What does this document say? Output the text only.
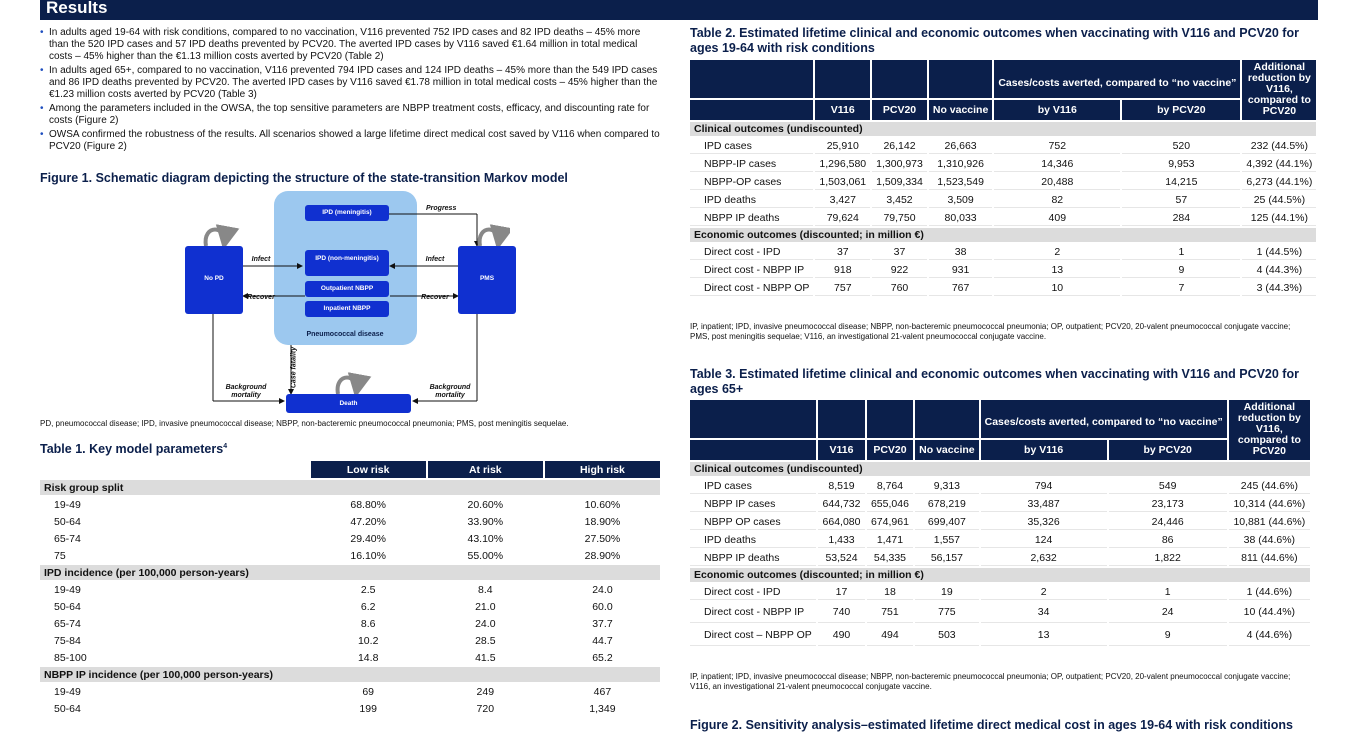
Results
• In adults aged 19-64 with risk conditions, compared to no vaccination, V116 prevented 752 IPD cases and 82 IPD deaths – 45% more than the 520 IPD cases and 57 IPD deaths prevented by PCV20. The averted IPD cases by V116 saved €1.64 million in total medical costs – 45% higher than the €1.13 million costs averted by PCV20 (Table 2)
• In adults aged 65+, compared to no vaccination, V116 prevented 794 IPD cases and 124 IPD deaths – 45% more than the 549 IPD cases and 86 IPD deaths prevented by PCV20. The averted IPD cases by V116 saved €1.78 million in total medical costs – 45% higher than the €1.23 million costs averted by PCV20 (Table 3)
• Among the parameters included in the OWSA, the top sensitive parameters are NBPP treatment costs, efficacy, and discounting rate for costs (Figure 2)
• OWSA confirmed the robustness of the results. All scenarios showed a large lifetime direct medical cost saved by V116 when compared to PCV20 (Figure 2)
Figure 1. Schematic diagram depicting the structure of the state-transition Markov model
No PD	PMS
Death
IPD (meningitis)
IPD (non-meningitis)
Outpatient NBPP
Inpatient NBPP
Pneumococcal disease
Progress
Infect	Infect
Recover	Recover
Case fatality
Background mortality
Background mortality
PD, pneumococcal disease; IPD, invasive pneumococcal disease; NBPP, non-bacteremic pneumococcal pneumonia; PMS, post meningitis sequelae.
Table 1. Key model parameters$^4$
	Low risk	At risk	High risk
Risk group split			
19-49	68.80%	20.60%	10.60%
50-64	47.20%	33.90%	18.90%
65-74	29.40%	43.10%	27.50%
75	16.10%	55.00%	28.90%
IPD incidence (per 100,000 person-years)			
19-49	2.5	8.4	24.0
50-64	6.2	21.0	60.0
65-74	8.6	24.0	37.7
75-84	10.2	28.5	44.7
85-100	14.8	41.5	65.2
NBPP IP incidence (per 100,000 person-years)			
19-49	69	249	467
50-64	199	720	1,349
Table 2. Estimated lifetime clinical and economic outcomes when vaccinating with V116 and PCV20 for ages 19-64 with risk conditions
				Cases/costs averted, compared to “no vaccine”		Additional reduction by V116, compared to PCV20
	V116	PCV20	No vaccine	by V116	by PCV20	
Clinical outcomes (undiscounted)						
IPD cases	25,910	26,142	26,663	752	520	232 (44.5%)
NBPP-IP cases	1,296,580	1,300,973	1,310,926	14,346	9,953	4,392 (44.1%)
NBPP-OP cases	1,503,061	1,509,334	1,523,549	20,488	14,215	6,273 (44.1%)
IPD deaths	3,427	3,452	3,509	82	57	25 (44.5%)
NBPP IP deaths	79,624	79,750	80,033	409	284	125 (44.1%)
Economic outcomes (discounted; in million €)						
Direct cost - IPD	37	37	38	2	1	1 (44.5%)
Direct cost - NBPP IP	918	922	931	13	9	4 (44.3%)
Direct cost - NBPP OP	757	760	767	10	7	3 (44.3%)
IP, inpatient; IPD, invasive pneumococcal disease; NBPP, non-bacteremic pneumococcal pneumonia; OP, outpatient; PCV20, 20-valent pneumococcal conjugate vaccine; PMS, post meningitis sequelae; V116, an investigational 21-valent pneumococcal conjugate vaccine.
Table 3. Estimated lifetime clinical and economic outcomes when vaccinating with V116 and PCV20 for ages 65+
				Cases/costs averted, compared to “no vaccine”		Additional reduction by V116, compared to PCV20
	V116	PCV20	No vaccine	by V116	by PCV20	
Clinical outcomes (undiscounted)						
IPD cases	8,519	8,764	9,313	794	549	245 (44.6%)
NBPP IP cases	644,732	655,046	678,219	33,487	23,173	10,314 (44.6%)
NBPP OP cases	664,080	674,961	699,407	35,326	24,446	10,881 (44.6%)
IPD deaths	1,433	1,471	1,557	124	86	38 (44.6%)
NBPP IP deaths	53,524	54,335	56,157	2,632	1,822	811 (44.6%)
Economic outcomes (discounted; in million €)						
Direct cost - IPD	17	18	19	2	1	1 (44.6%)
Direct cost - NBPP IP	740	751	775	34	24	10 (44.4%)
Direct cost – NBPP OP	490	494	503	13	9	4 (44.6%)
IP, inpatient; IPD, invasive pneumococcal disease; NBPP, non-bacteremic pneumococcal pneumonia; OP, outpatient; PCV20, 20-valent pneumococcal conjugate vaccine; V116, an investigational 21-valent pneumococcal conjugate vaccine.
Figure 2. Sensitivity analysis–estimated lifetime direct medical cost in ages 19-64 with risk conditions
